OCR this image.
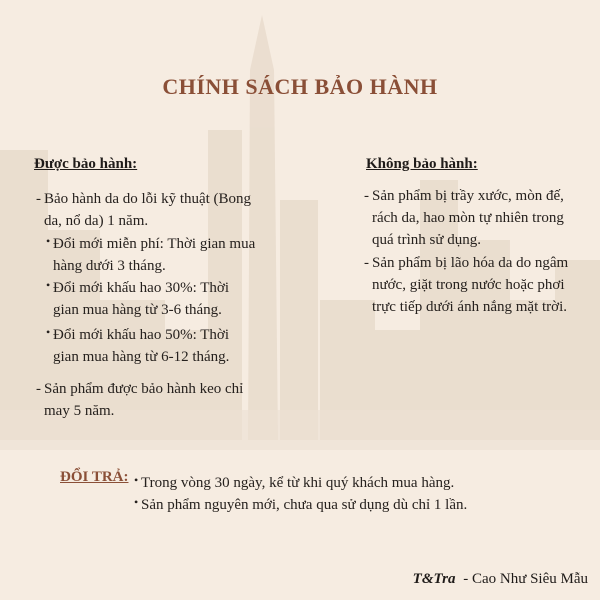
CHÍNH SÁCH BẢO HÀNH
Được bảo hành:
- Bảo hành da do lỗi kỹ thuật (Bong da, nổ da) 1 năm.
• Đổi mới miễn phí: Thời gian mua hàng dưới 3 tháng.
• Đổi mới khấu hao 30%: Thời gian mua hàng từ 3-6 tháng.
• Đổi mới khấu hao 50%: Thời gian mua hàng từ 6-12 tháng.
- Sản phẩm được bảo hành keo chỉ may 5 năm.
Không bảo hành:
- Sản phẩm bị trầy xước, mòn đế, rách da, hao mòn tự nhiên trong quá trình sử dụng.
- Sản phẩm bị lão hóa da do ngâm nước, giặt trong nước hoặc phơi trực tiếp dưới ánh nắng mặt trời.
ĐỔI TRẢ: • Trong vòng 30 ngày, kể từ khi quý khách mua hàng.
• Sản phẩm nguyên mới, chưa qua sử dụng dù chỉ 1 lần.
T&Tra - Cao Như Siêu Mẫu
